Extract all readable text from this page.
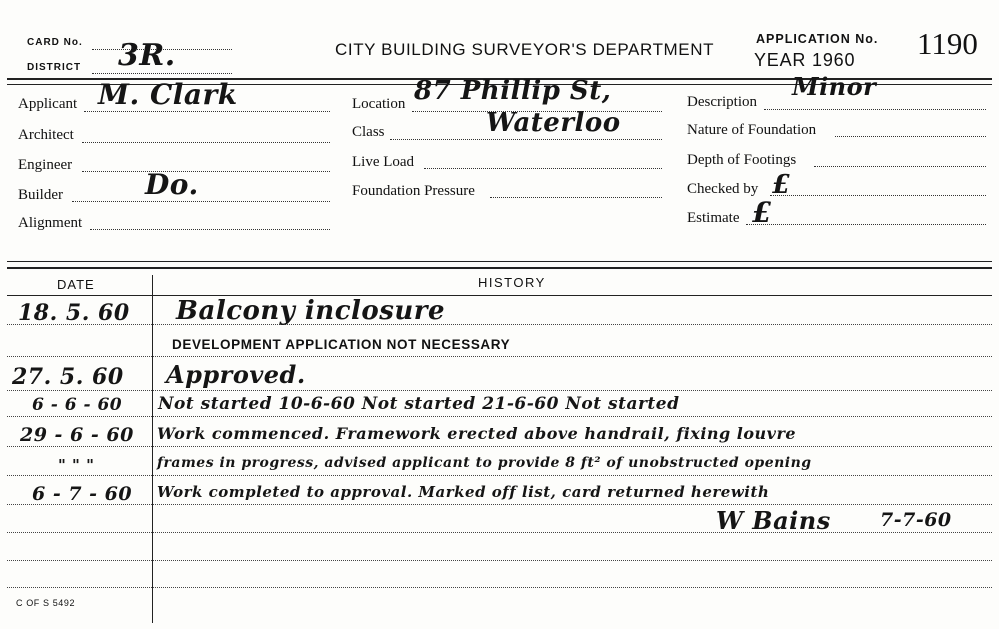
CARD No.
DISTRICT 3R.	CITY BUILDING SURVEYOR'S DEPARTMENT
APPLICATION No.
YEAR 1960 1190
Applicant M. Clark
Architect
Engineer
Builder	Do.
Alignment
Location 87 Phillip St,
Class	Waterloo
Live Load
Foundation Pressure
Description
Minor
Nature of Foundation
Depth of Footings
Checked by £
Estimate £
DATE	HISTORY
18. 5. 60 Balcony inclosure
DEVELOPMENT APPLICATION NOT NECESSARY
27. 5. 60 Approved.
6 - 6 - 60 Not started 10-6-60 Not started 21-6-60 Not started
29 - 6 - 60 Work commenced. Framework erected above handrail, fixing louvre
" " "	frames in progress, advised applicant to provide 8 ft² of unobstructed opening
6 - 7 - 60 Work completed to approval. Marked off list, card returned herewith
W Bains	7-7-60
C OF S 5492
